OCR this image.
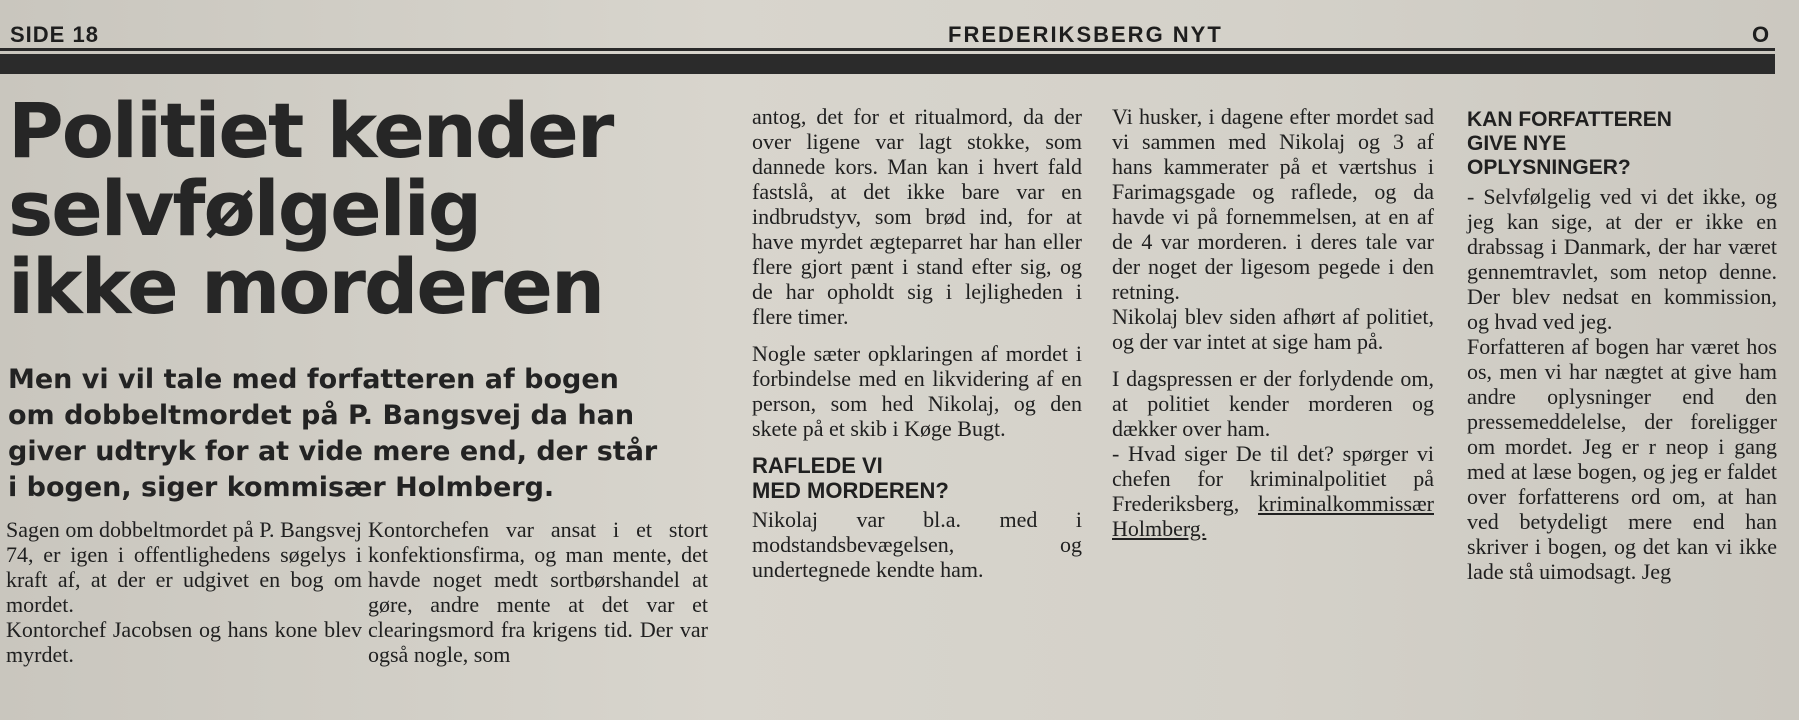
SIDE 18	FREDERIKSBERG NYT	O
Politiet kender
selvfølgelig
ikke morderen
Men vi vil tale med forfatteren af bogen
om dobbeltmordet på P. Bangsvej da han
giver udtryk for at vide mere end, der står
i bogen, siger kommisær Holmberg.

Sagen om dobbeltmordet på P. Bangsvej 74, er igen i offentlighedens søgelys i kraft af, at der er udgivet en bog om mordet.

Kontorchef Jacobsen og hans kone blev myrdet.

Kontorchefen var ansat i et stort konfektionsfirma, og man mente, det havde noget medt sortbørshandel at gøre, andre mente at det var et clearingsmord fra krigens tid. Der var også nogle, som

antog, det for et ritualmord, da der over ligene var lagt stokke, som dannede kors. Man kan i hvert fald fastslå, at det ikke bare var en indbrudstyv, som brød ind, for at have myrdet ægteparret har han eller flere gjort pænt i stand efter sig, og de har opholdt sig i lejligheden i flere timer.

Nogle sæter opklaringen af mordet i forbindelse med en likvidering af en person, som hed Nikolaj, og den skete på et skib i Køge Bugt.

RAFLEDE VI
MED MORDEREN?

Nikolaj var bl.a. med i modstandsbevægelsen, og undertegnede kendte ham.

Vi husker, i dagene efter mordet sad vi sammen med Nikolaj og 3 af hans kammerater på et værtshus i Farimagsgade og raflede, og da havde vi på fornemmelsen, at en af de 4 var morderen. i deres tale var der noget der ligesom pegede i den retning.

Nikolaj blev siden afhørt af politiet, og der var intet at sige ham på.

I dagspressen er der forlydende om, at politiet kender morderen og dækker over ham.

- Hvad siger De til det? spørger vi chefen for kriminalpolitiet på Frederiksberg, kriminalkommissær Holmberg.

KAN FORFATTEREN
GIVE NYE
OPLYSNINGER?

- Selvfølgelig ved vi det ikke, og jeg kan sige, at der er ikke en drabssag i Danmark, der har været gennemtravlet, som netop denne. Der blev nedsat en kommission, og hvad ved jeg.

Forfatteren af bogen har været hos os, men vi har nægtet at give ham andre oplysninger end den pressemeddelelse, der foreligger om mordet. Jeg er r neop i gang med at læse bogen, og jeg er faldet over forfatterens ord om, at han ved betydeligt mere end han skriver i bogen, og det kan vi ikke lade stå uimodsagt. Jeg
